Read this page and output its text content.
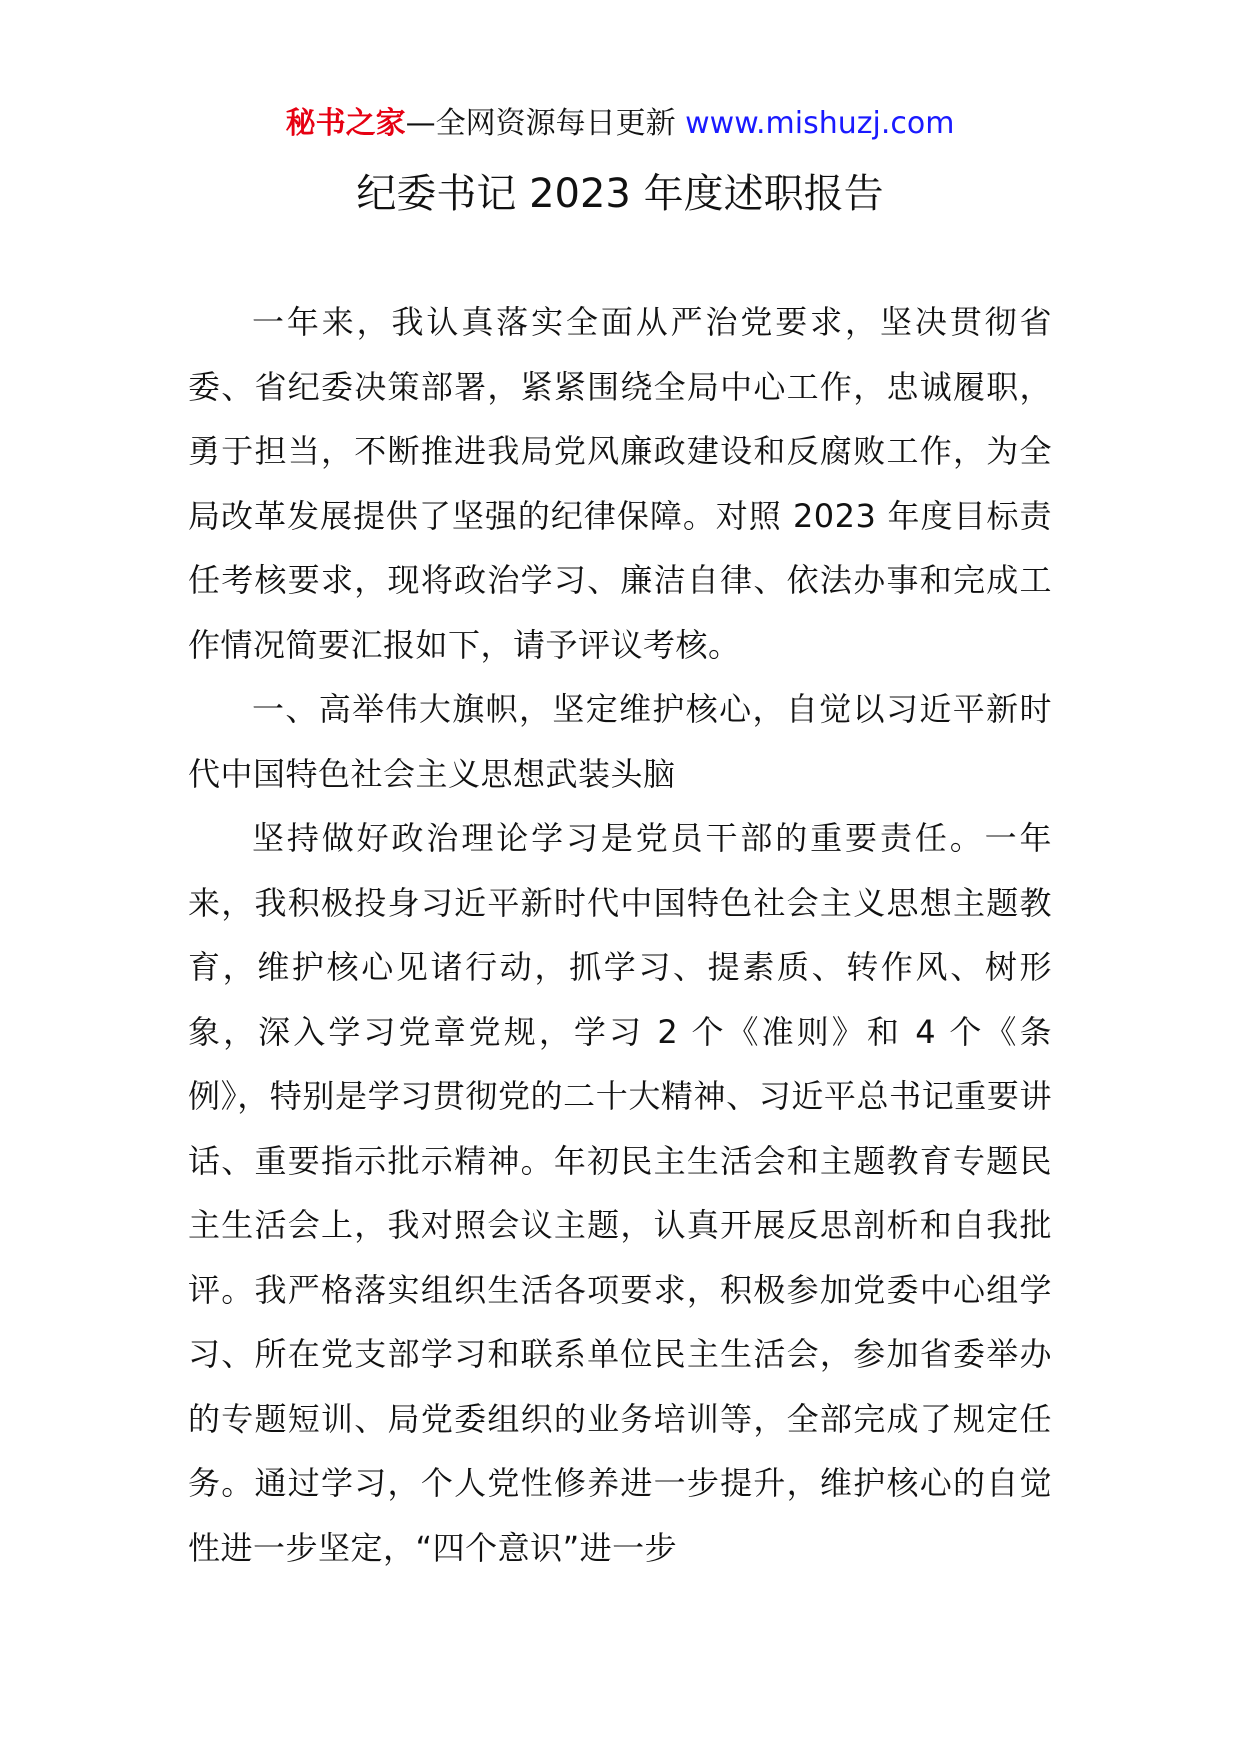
秘书之家—全网资源每日更新 www.mishuzj.com
纪委书记 2023 年度述职报告

一年来，我认真落实全面从严治党要求，坚决贯彻省委、省纪委决策部署，紧紧围绕全局中心工作，忠诚履职，勇于担当，不断推进我局党风廉政建设和反腐败工作，为全局改革发展提供了坚强的纪律保障。对照 2023 年度目标责任考核要求，现将政治学习、廉洁自律、依法办事和完成工作情况简要汇报如下，请予评议考核。

一、高举伟大旗帜，坚定维护核心，自觉以习近平新时代中国特色社会主义思想武装头脑

坚持做好政治理论学习是党员干部的重要责任。一年来，我积极投身习近平新时代中国特色社会主义思想主题教育，维护核心见诸行动，抓学习、提素质、转作风、树形象，深入学习党章党规，学习 2 个《准则》和 4 个《条例》，特别是学习贯彻党的二十大精神、习近平总书记重要讲话、重要指示批示精神。年初民主生活会和主题教育专题民主生活会上，我对照会议主题，认真开展反思剖析和自我批评。我严格落实组织生活各项要求，积极参加党委中心组学习、所在党支部学习和联系单位民主生活会，参加省委举办的专题短训、局党委组织的业务培训等，全部完成了规定任务。通过学习，个人党性修养进一步提升，维护核心的自觉性进一步坚定，“四个意识”进一步
